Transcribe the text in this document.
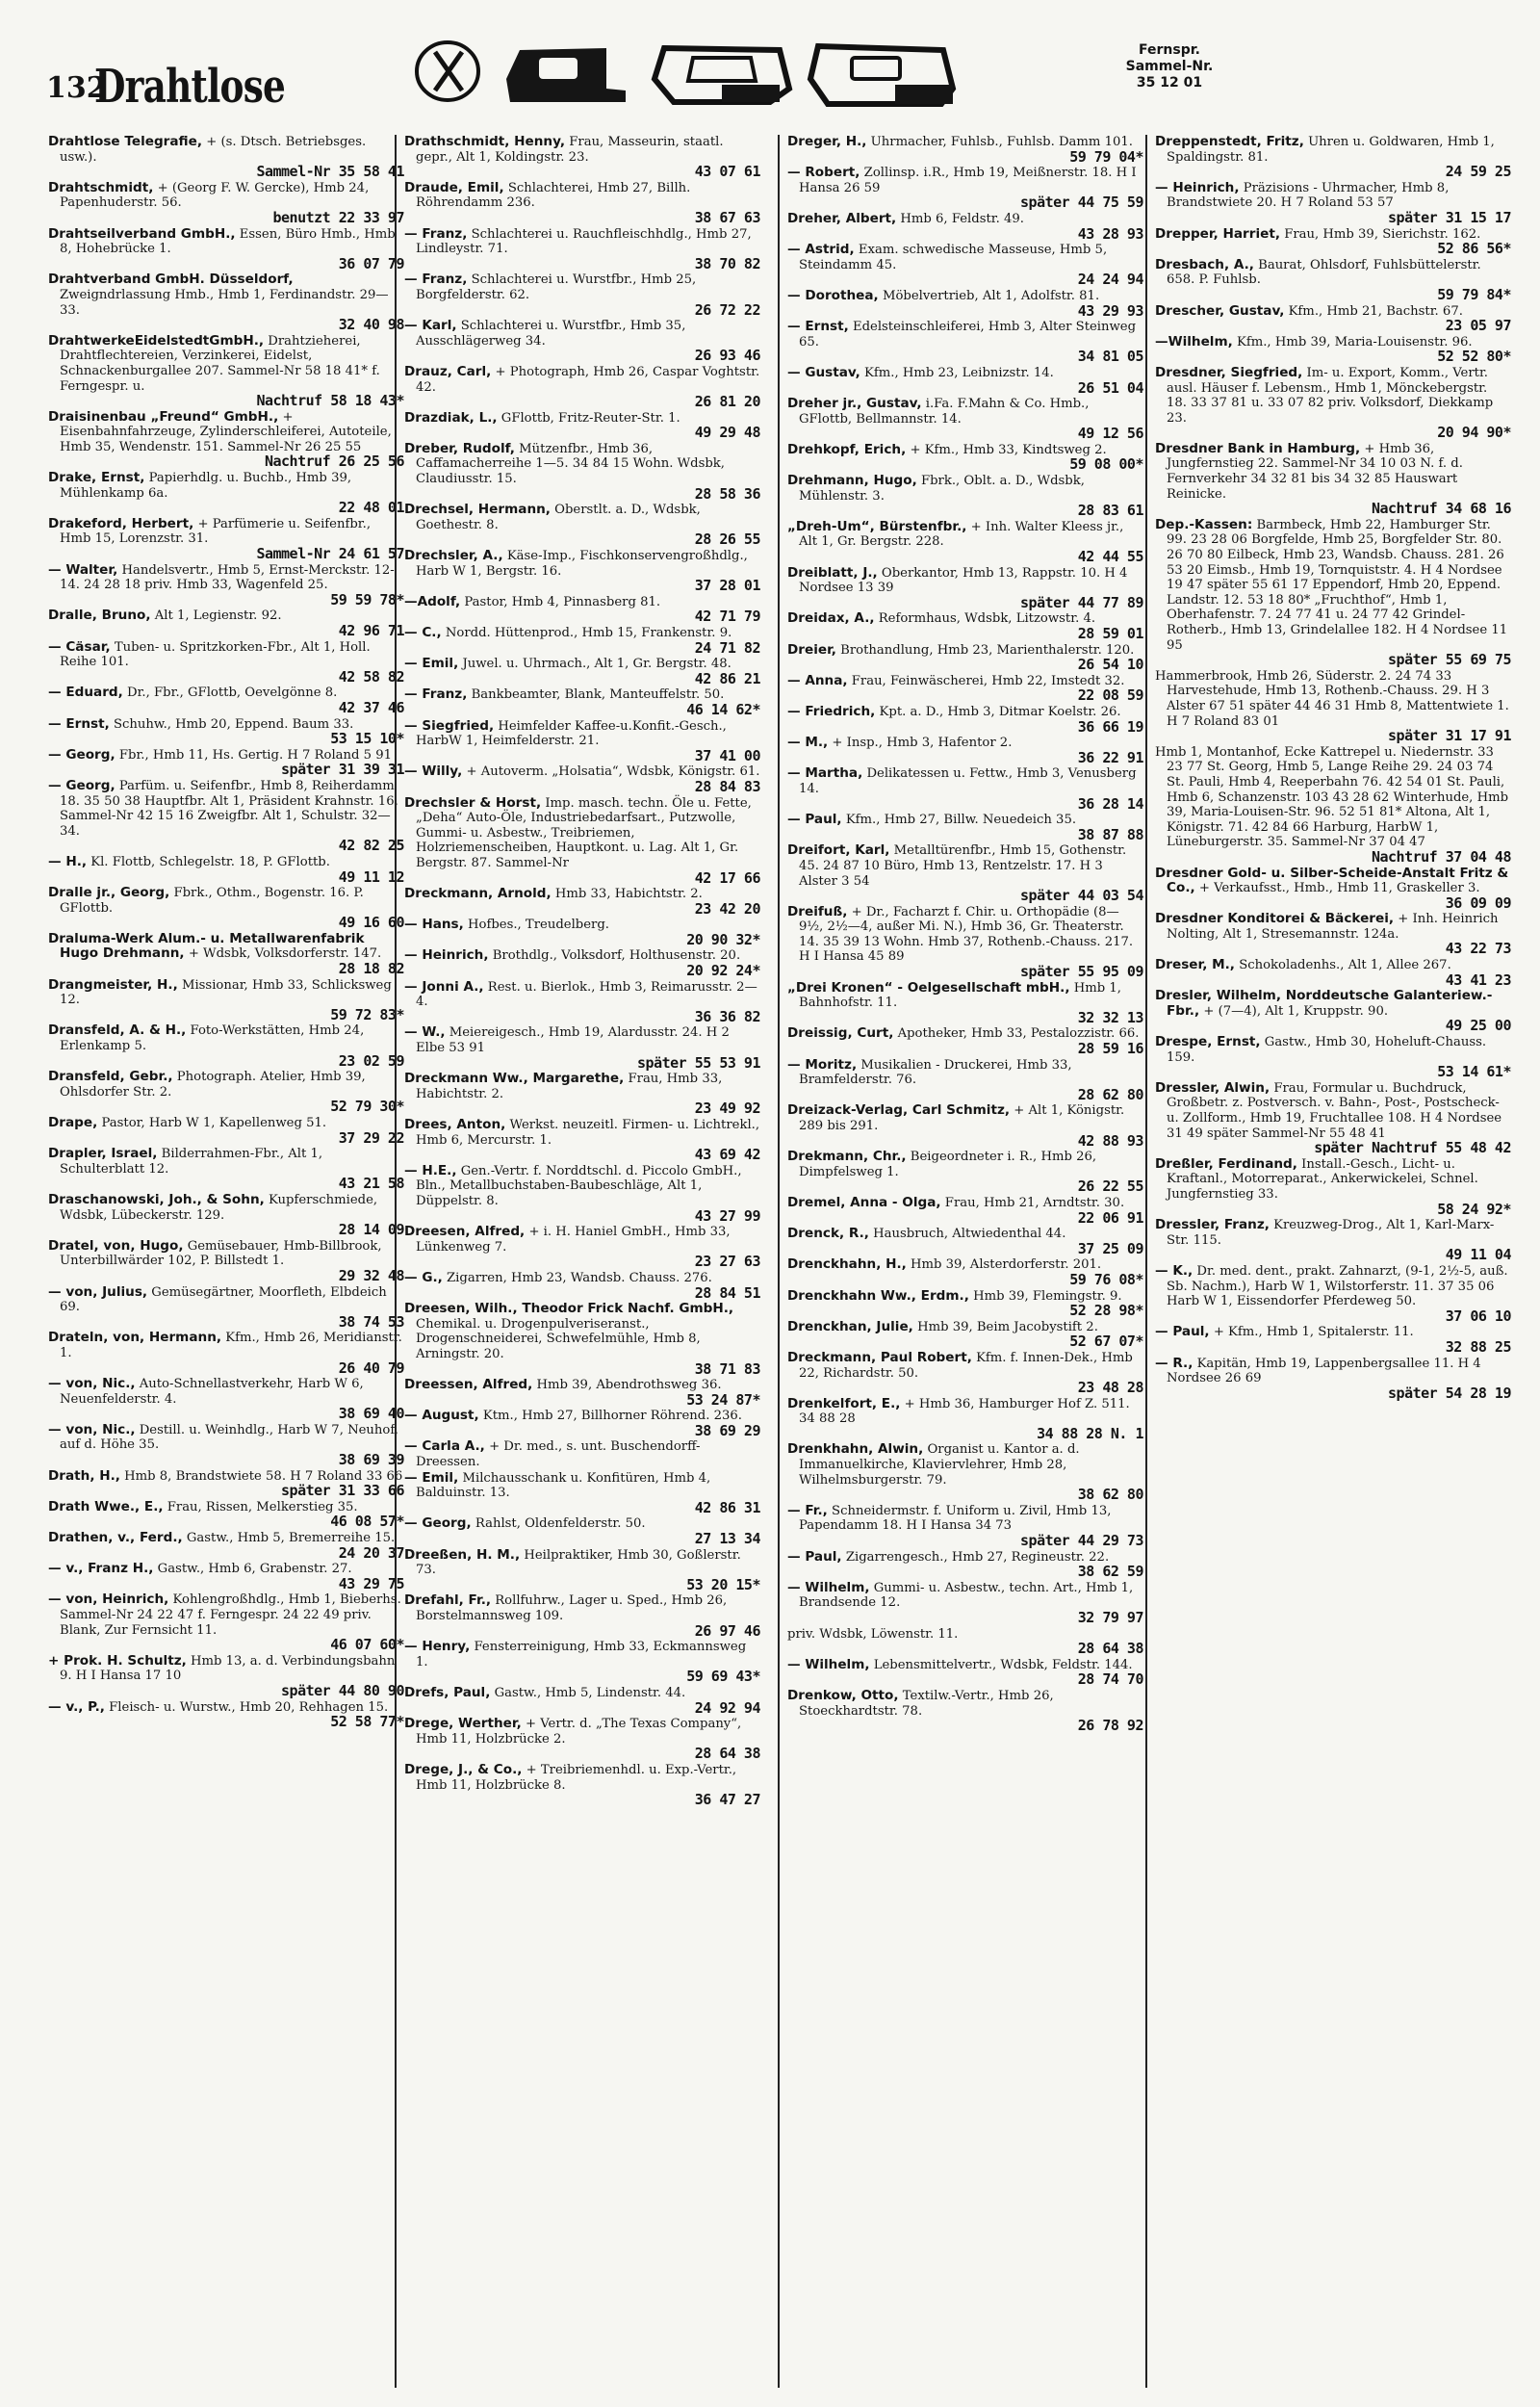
132
Drahtlose
Fernspr.
Sammel-Nr.
35 12 01
Drahtlose Telegrafie, + (s. Dtsch. Betriebsges. usw.).
Sammel-Nr 35 58 41
Drahtschmidt, + (Georg F. W. Gercke), Hmb 24, Papenhuderstr. 56.
benutzt 22 33 97
Drahtseilverband GmbH., Essen, Büro Hmb., Hmb 8, Hohebrücke 1.
36 07 79
Drahtverband GmbH. Düsseldorf, Zweigndrlassung Hmb., Hmb 1, Ferdinandstr. 29—33.
32 40 98
DrahtwerkeEidelstedtGmbH., Drahtzieherei, Drahtflechtereien, Verzinkerei, Eidelst, Schnackenburgallee 207. Sammel-Nr 58 18 41* f. Ferngespr. u.
Nachtruf 58 18 43*
Draisinenbau „Freund“ GmbH., + Eisenbahnfahrzeuge, Zylinderschleiferei, Autoteile, Hmb 35, Wendenstr. 151. Sammel-Nr 26 25 55
Nachtruf 26 25 56
Drake, Ernst, Papierhdlg. u. Buchb., Hmb 39, Mühlenkamp 6a.
22 48 01
Drakeford, Herbert, + Parfümerie u. Seifenfbr., Hmb 15, Lorenzstr. 31.
Sammel-Nr 24 61 57
— Walter, Handelsvertr., Hmb 5, Ernst-Merckstr. 12-14. 24 28 18 priv. Hmb 33, Wagenfeld 25.
59 59 78*
Dralle, Bruno, Alt 1, Legienstr. 92.
42 96 71
— Cäsar, Tuben- u. Spritzkorken-Fbr., Alt 1, Holl. Reihe 101.
42 58 82
— Eduard, Dr., Fbr., GFlottb, Oevelgönne 8.
42 37 46
— Ernst, Schuhw., Hmb 20, Eppend. Baum 33.
53 15 10*
— Georg, Fbr., Hmb 11, Hs. Gertig. H 7 Roland 5 91
später 31 39 31
— Georg, Parfüm. u. Seifenfbr., Hmb 8, Reiherdamm 18. 35 50 38 Hauptfbr. Alt 1, Präsident Krahnstr. 16. Sammel-Nr 42 15 16 Zweigfbr. Alt 1, Schulstr. 32—34.
42 82 25
— H., Kl. Flottb, Schlegelstr. 18, P. GFlottb.
49 11 12
Dralle jr., Georg, Fbrk., Othm., Bogenstr. 16. P. GFlottb.
49 16 60
Draluma-Werk Alum.- u. Metallwarenfabrik Hugo Drehmann, + Wdsbk, Volksdorferstr. 147.
28 18 82
Drangmeister, H., Missionar, Hmb 33, Schlicksweg 12.
59 72 83*
Dransfeld, A. & H., Foto-Werkstätten, Hmb 24, Erlenkamp 5.
23 02 59
Dransfeld, Gebr., Photograph. Atelier, Hmb 39, Ohlsdorfer Str. 2.
52 79 30*
Drape, Pastor, Harb W 1, Kapellenweg 51.
37 29 22
Drapler, Israel, Bilderrahmen-Fbr., Alt 1, Schulterblatt 12.
43 21 58
Draschanowski, Joh., & Sohn, Kupferschmiede, Wdsbk, Lübeckerstr. 129.
28 14 09
Dratel, von, Hugo, Gemüsebauer, Hmb-Billbrook, Unterbillwärder 102, P. Billstedt 1.
29 32 48
— von, Julius, Gemüsegärtner, Moorfleth, Elbdeich 69.
38 74 53
Drateln, von, Hermann, Kfm., Hmb 26, Meridianstr. 1.
26 40 79
— von, Nic., Auto-Schnellastverkehr, Harb W 6, Neuenfelderstr. 4.
38 69 40
— von, Nic., Destill. u. Weinhdlg., Harb W 7, Neuhof, auf d. Höhe 35.
38 69 39
Drath, H., Hmb 8, Brandstwiete 58. H 7 Roland 33 66
später 31 33 66
Drath Wwe., E., Frau, Rissen, Melkerstieg 35.
46 08 57*
Drathen, v., Ferd., Gastw., Hmb 5, Bremerreihe 15.
24 20 37
— v., Franz H., Gastw., Hmb 6, Grabenstr. 27.
43 29 75
— von, Heinrich, Kohlengroßhdlg., Hmb 1, Bieberhs. Sammel-Nr 24 22 47 f. Ferngespr. 24 22 49 priv. Blank, Zur Fernsicht 11.
46 07 60*
+ Prok. H. Schultz, Hmb 13, a. d. Verbindungsbahn 9. H I Hansa 17 10
später 44 80 90
— v., P., Fleisch- u. Wurstw., Hmb 20, Rehhagen 15.
52 58 77*
Drathschmidt, Henny, Frau, Masseurin, staatl. gepr., Alt 1, Koldingstr. 23.
43 07 61
Draude, Emil, Schlachterei, Hmb 27, Billh. Röhrendamm 236.
38 67 63
— Franz, Schlachterei u. Rauchfleischhdlg., Hmb 27, Lindleystr. 71.
38 70 82
— Franz, Schlachterei u. Wurstfbr., Hmb 25, Borgfelderstr. 62.
26 72 22
— Karl, Schlachterei u. Wurstfbr., Hmb 35, Ausschlägerweg 34.
26 93 46
Drauz, Carl, + Photograph, Hmb 26, Caspar Voghtstr. 42.
26 81 20
Drazdiak, L., GFlottb, Fritz-Reuter-Str. 1.
49 29 48
Dreber, Rudolf, Mützenfbr., Hmb 36, Caffamacherreihe 1—5. 34 84 15 Wohn. Wdsbk, Claudiusstr. 15.
28 58 36
Drechsel, Hermann, Oberstlt. a. D., Wdsbk, Goethestr. 8.
28 26 55
Drechsler, A., Käse-Imp., Fischkonservengroßhdlg., Harb W 1, Bergstr. 16.
37 28 01
—Adolf, Pastor, Hmb 4, Pinnasberg 81.
42 71 79
— C., Nordd. Hüttenprod., Hmb 15, Frankenstr. 9.
24 71 82
— Emil, Juwel. u. Uhrmach., Alt 1, Gr. Bergstr. 48.
42 86 21
— Franz, Bankbeamter, Blank, Manteuffelstr. 50.
46 14 62*
— Siegfried, Heimfelder Kaffee-u.Konfit.-Gesch., HarbW 1, Heimfelderstr. 21.
37 41 00
— Willy, + Autoverm. „Holsatia“, Wdsbk, Königstr. 61.
28 84 83
Drechsler & Horst, Imp. masch. techn. Öle u. Fette, „Deha“ Auto-Öle, Industriebedarfsart., Putzwolle, Gummi- u. Asbestw., Treibriemen, Holzriemenscheiben, Hauptkont. u. Lag. Alt 1, Gr. Bergstr. 87. Sammel-Nr
42 17 66
Dreckmann, Arnold, Hmb 33, Habichtstr. 2.
23 42 20
— Hans, Hofbes., Treudelberg.
20 90 32*
— Heinrich, Brothdlg., Volksdorf, Holthusenstr. 20.
20 92 24*
— Jonni A., Rest. u. Bierlok., Hmb 3, Reimarusstr. 2—4.
36 36 82
— W., Meiereigesch., Hmb 19, Alardusstr. 24. H 2 Elbe 53 91
später 55 53 91
Dreckmann Ww., Margarethe, Frau, Hmb 33, Habichtstr. 2.
23 49 92
Drees, Anton, Werkst. neuzeitl. Firmen- u. Lichtrekl., Hmb 6, Mercurstr. 1.
43 69 42
— H.E., Gen.-Vertr. f. Norddtschl. d. Piccolo GmbH., Bln., Metallbuchstaben-Baubeschläge, Alt 1, Düppelstr. 8.
43 27 99
Dreesen, Alfred, + i. H. Haniel GmbH., Hmb 33, Lünkenweg 7.
23 27 63
— G., Zigarren, Hmb 23, Wandsb. Chauss. 276.
28 84 51
Dreesen, Wilh., Theodor Frick Nachf. GmbH., Chemikal. u. Drogenpulveriseranst., Drogenschneiderei, Schwefelmühle, Hmb 8, Arningstr. 20.
38 71 83
Dreessen, Alfred, Hmb 39, Abendrothsweg 36.
53 24 87*
— August, Ktm., Hmb 27, Billhorner Röhrend. 236.
38 69 29
— Carla A., + Dr. med., s. unt. Buschendorff-Dreessen.
— Emil, Milchausschank u. Konfitüren, Hmb 4, Balduinstr. 13.
42 86 31
— Georg, Rahlst, Oldenfelderstr. 50.
27 13 34
Dreeßen, H. M., Heilpraktiker, Hmb 30, Goßlerstr. 73.
53 20 15*
Drefahl, Fr., Rollfuhrw., Lager u. Sped., Hmb 26, Borstelmannsweg 109.
26 97 46
— Henry, Fensterreinigung, Hmb 33, Eckmannsweg 1.
59 69 43*
Drefs, Paul, Gastw., Hmb 5, Lindenstr. 44.
24 92 94
Drege, Werther, + Vertr. d. „The Texas Company“, Hmb 11, Holzbrücke 2.
28 64 38
Drege, J., & Co., + Treibriemenhdl. u. Exp.-Vertr., Hmb 11, Holzbrücke 8.
36 47 27
Dreger, H., Uhrmacher, Fuhlsb., Fuhlsb. Damm 101.
59 79 04*
— Robert, Zollinsp. i.R., Hmb 19, Meißnerstr. 18. H I Hansa 26 59
später 44 75 59
Dreher, Albert, Hmb 6, Feldstr. 49.
43 28 93
— Astrid, Exam. schwedische Masseuse, Hmb 5, Steindamm 45.
24 24 94
— Dorothea, Möbelvertrieb, Alt 1, Adolfstr. 81.
43 29 93
— Ernst, Edelsteinschleiferei, Hmb 3, Alter Steinweg 65.
34 81 05
— Gustav, Kfm., Hmb 23, Leibnizstr. 14.
26 51 04
Dreher jr., Gustav, i.Fa. F.Mahn & Co. Hmb., GFlottb, Bellmannstr. 14.
49 12 56
Drehkopf, Erich, + Kfm., Hmb 33, Kindtsweg 2.
59 08 00*
Drehmann, Hugo, Fbrk., Oblt. a. D., Wdsbk, Mühlenstr. 3.
28 83 61
„Dreh-Um“, Bürstenfbr., + Inh. Walter Kleess jr., Alt 1, Gr. Bergstr. 228.
42 44 55
Dreiblatt, J., Oberkantor, Hmb 13, Rappstr. 10. H 4 Nordsee 13 39
später 44 77 89
Dreidax, A., Reformhaus, Wdsbk, Litzowstr. 4.
28 59 01
Dreier, Brothandlung, Hmb 23, Marienthalerstr. 120.
26 54 10
— Anna, Frau, Feinwäscherei, Hmb 22, Imstedt 32.
22 08 59
— Friedrich, Kpt. a. D., Hmb 3, Ditmar Koelstr. 26.
36 66 19
— M., + Insp., Hmb 3, Hafentor 2.
36 22 91
— Martha, Delikatessen u. Fettw., Hmb 3, Venusberg 14.
36 28 14
— Paul, Kfm., Hmb 27, Billw. Neuedeich 35.
38 87 88
Dreifort, Karl, Metalltürenfbr., Hmb 15, Gothenstr. 45. 24 87 10 Büro, Hmb 13, Rentzelstr. 17. H 3 Alster 3 54
später 44 03 54
Dreifuß, + Dr., Facharzt f. Chir. u. Orthopädie (8—9½, 2½—4, außer Mi. N.), Hmb 36, Gr. Theaterstr. 14. 35 39 13 Wohn. Hmb 37, Rothenb.-Chauss. 217. H I Hansa 45 89
später 55 95 09
„Drei Kronen“ - Oelgesellschaft mbH., Hmb 1, Bahnhofstr. 11.
32 32 13
Dreissig, Curt, Apotheker, Hmb 33, Pestalozzistr. 66.
28 59 16
— Moritz, Musikalien - Druckerei, Hmb 33, Bramfelderstr. 76.
28 62 80
Dreizack-Verlag, Carl Schmitz, + Alt 1, Königstr. 289 bis 291.
42 88 93
Drekmann, Chr., Beigeordneter i. R., Hmb 26, Dimpfelsweg 1.
26 22 55
Dremel, Anna - Olga, Frau, Hmb 21, Arndtstr. 30.
22 06 91
Drenck, R., Hausbruch, Altwiedenthal 44.
37 25 09
Drenckhahn, H., Hmb 39, Alsterdorferstr. 201.
59 76 08*
Drenckhahn Ww., Erdm., Hmb 39, Flemingstr. 9.
52 28 98*
Drenckhan, Julie, Hmb 39, Beim Jacobystift 2.
52 67 07*
Dreckmann, Paul Robert, Kfm. f. Innen-Dek., Hmb 22, Richardstr. 50.
23 48 28
Drenkelfort, E., + Hmb 36, Hamburger Hof Z. 511. 34 88 28
34 88 28 N. 1
Drenkhahn, Alwin, Organist u. Kantor a. d. Immanuelkirche, Klaviervlehrer, Hmb 28, Wilhelmsburgerstr. 79.
38 62 80
— Fr., Schneidermstr. f. Uniform u. Zivil, Hmb 13, Papendamm 18. H I Hansa 34 73
später 44 29 73
— Paul, Zigarrengesch., Hmb 27, Regineustr. 22.
38 62 59
— Wilhelm, Gummi- u. Asbestw., techn. Art., Hmb 1, Brandsende 12.
32 79 97
priv. Wdsbk, Löwenstr. 11.
28 64 38
— Wilhelm, Lebensmittelvertr., Wdsbk, Feldstr. 144.
28 74 70
Drenkow, Otto, Textilw.-Vertr., Hmb 26, Stoeckhardtstr. 78.
26 78 92
Dreppenstedt, Fritz, Uhren u. Goldwaren, Hmb 1, Spaldingstr. 81.
24 59 25
— Heinrich, Präzisions - Uhrmacher, Hmb 8, Brandstwiete 20. H 7 Roland 53 57
später 31 15 17
Drepper, Harriet, Frau, Hmb 39, Sierichstr. 162.
52 86 56*
Dresbach, A., Baurat, Ohlsdorf, Fuhlsbüttelerstr. 658. P. Fuhlsb.
59 79 84*
Drescher, Gustav, Kfm., Hmb 21, Bachstr. 67.
23 05 97
—Wilhelm, Kfm., Hmb 39, Maria-Louisenstr. 96.
52 52 80*
Dresdner, Siegfried, Im- u. Export, Komm., Vertr. ausl. Häuser f. Lebensm., Hmb 1, Mönckebergstr. 18. 33 37 81 u. 33 07 82 priv. Volksdorf, Diekkamp 23.
20 94 90*
Dresdner Bank in Hamburg, + Hmb 36, Jungfernstieg 22. Sammel-Nr 34 10 03 N. f. d. Fernverkehr 34 32 81 bis 34 32 85 Hauswart Reinicke.
Nachtruf 34 68 16
Dep.-Kassen: Barmbeck, Hmb 22, Hamburger Str. 99. 23 28 06 Borgfelde, Hmb 25, Borgfelder Str. 80. 26 70 80 Eilbeck, Hmb 23, Wandsb. Chauss. 281. 26 53 20 Eimsb., Hmb 19, Tornquiststr. 4. H 4 Nordsee 19 47 später 55 61 17 Eppendorf, Hmb 20, Eppend. Landstr. 12. 53 18 80* „Fruchthof“, Hmb 1, Oberhafenstr. 7. 24 77 41 u. 24 77 42 Grindel-Rotherb., Hmb 13, Grindelallee 182. H 4 Nordsee 11 95
später 55 69 75
Hammerbrook, Hmb 26, Süderstr. 2. 24 74 33 Harvestehude, Hmb 13, Rothenb.-Chauss. 29. H 3 Alster 67 51 später 44 46 31 Hmb 8, Mattentwiete 1. H 7 Roland 83 01
später 31 17 91
Hmb 1, Montanhof, Ecke Kattrepel u. Niedernstr. 33 23 77 St. Georg, Hmb 5, Lange Reihe 29. 24 03 74 St. Pauli, Hmb 4, Reeperbahn 76. 42 54 01 St. Pauli, Hmb 6, Schanzenstr. 103 43 28 62 Winterhude, Hmb 39, Maria-Louisen-Str. 96. 52 51 81* Altona, Alt 1, Königstr. 71. 42 84 66 Harburg, HarbW 1, Lüneburgerstr. 35. Sammel-Nr 37 04 47
Nachtruf 37 04 48
Dresdner Gold- u. Silber-Scheide-Anstalt Fritz & Co., + Verkaufsst., Hmb., Hmb 11, Graskeller 3.
36 09 09
Dresdner Konditorei & Bäckerei, + Inh. Heinrich Nolting, Alt 1, Stresemannstr. 124a.
43 22 73
Dreser, M., Schokoladenhs., Alt 1, Allee 267.
43 41 23
Dresler, Wilhelm, Norddeutsche Galanteriew.-Fbr., + (7—4), Alt 1, Kruppstr. 90.
49 25 00
Drespe, Ernst, Gastw., Hmb 30, Hoheluft-Chauss. 159.
53 14 61*
Dressler, Alwin, Frau, Formular u. Buchdruck, Großbetr. z. Postversch. v. Bahn-, Post-, Postscheck- u. Zollform., Hmb 19, Fruchtallee 108. H 4 Nordsee 31 49 später Sammel-Nr 55 48 41
später Nachtruf 55 48 42
Dreßler, Ferdinand, Install.-Gesch., Licht- u. Kraftanl., Motorreparat., Ankerwickelei, Schnel. Jungfernstieg 33.
58 24 92*
Dressler, Franz, Kreuzweg-Drog., Alt 1, Karl-Marx-Str. 115.
49 11 04
— K., Dr. med. dent., prakt. Zahnarzt, (9-1, 2½-5, auß. Sb. Nachm.), Harb W 1, Wilstorferstr. 11. 37 35 06 Harb W 1, Eissendorfer Pferdeweg 50.
37 06 10
— Paul, + Kfm., Hmb 1, Spitalerstr. 11.
32 88 25
— R., Kapitän, Hmb 19, Lappenbergsallee 11. H 4 Nordsee 26 69
später 54 28 19
